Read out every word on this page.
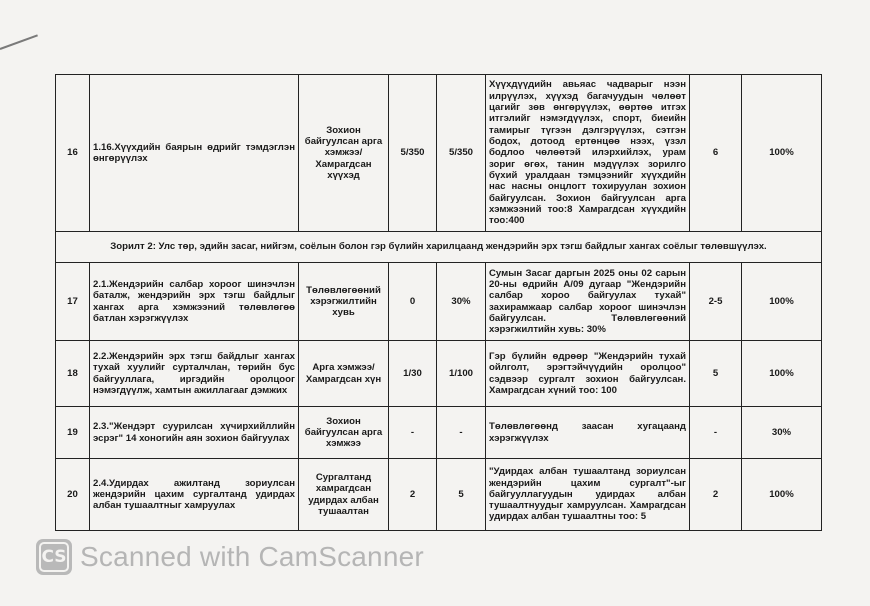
16	1.16.Хүүхдийн баярын өдрийг тэмдэглэн өнгөрүүлэх	Зохион байгуулсан арга хэмжээ/ Хамрагдсан хүүхэд	5/350	5/350	Хүүхдүүдийн авьяас чадварыг нээн илрүүлэх, хүүхэд багачуудын чөлөөт цагийг зөв өнгөрүүлэх, өөртөө итгэх итгэлийг нэмэгдүүлэх, спорт, биеийн тамирыг түгээн дэлгэрүүлэх, сэтгэн бодох, дотоод ертөнцөө нээх, үзэл бодлоо чөлөөтэй илэрхийлэх, урам зориг өгөх, танин мэдүүлэх зорилго бүхий уралдаан тэмцээнийг хүүхдийн нас насны онцлогт тохируулан зохион байгуулсан. Зохион байгуулсан арга хэмжээний тоо:8 Хамрагдсан хүүхдийн тоо:400	6	100%
Зорилт 2: Улс төр, эдийн засаг, нийгэм, соёлын болон гэр бүлийн харилцаанд жендэрийн эрх тэгш байдлыг хангах соёлыг төлөвшүүлэх.							
17	2.1.Жендэрийн салбар хороог шинэчлэн баталж, жендэрийн эрх тэгш байдлыг хангах арга хэмжээний төлөвлөгөө батлан хэрэгжүүлэх	Төлөвлөгөөний хэрэгжилтийн хувь	0	30%	Сумын Засаг даргын 2025 оны 02 сарын 20-ны өдрийн А/09 дугаар "Жендэрийн салбар хороо байгуулах тухай" захирамжаар салбар хороог шинэчлэн байгуулсан. Төлөвлөгөөний хэрэгжилтийн хувь: 30%	2-5	100%
18	2.2.Жендэрийн эрх тэгш байдлыг хангах тухай хуулийг сурталчлан, төрийн бус байгууллага, иргэдийн оролцоог нэмэгдүүлж, хамтын ажиллагааг дэмжих	Арга хэмжээ/ Хамрагдсан хүн	1/30	1/100	Гэр бүлийн өдрөөр "Жендэрийн тухай ойлголт, эрэгтэйчүүдийн оролцоо" сэдвээр сургалт зохион байгуулсан. Хамрагдсан хүний тоо: 100	5	100%
19	2.3."Жендэрт суурилсан хүчирхийллийн эсрэг" 14 хоногийн аян зохион байгуулах	Зохион байгуулсан арга хэмжээ	-	-	Төлөвлөгөөнд заасан хугацаанд хэрэгжүүлэх	-	30%
20	2.4.Удирдах ажилтанд зориулсан жендэрийн цахим сургалтанд удирдах албан тушаалтныг хамруулах	Сургалтанд хамрагдсан удирдах албан тушаалтан	2	5	"Удирдах албан тушаалтанд зориулсан жендэрийн цахим сургалт"-ыг байгууллагуудын удирдах албан тушаалтнуудыг хамруулсан. Хамрагдсан удирдах албан тушаалтны тоо: 5	2	100%
CS Scanned with CamScanner
